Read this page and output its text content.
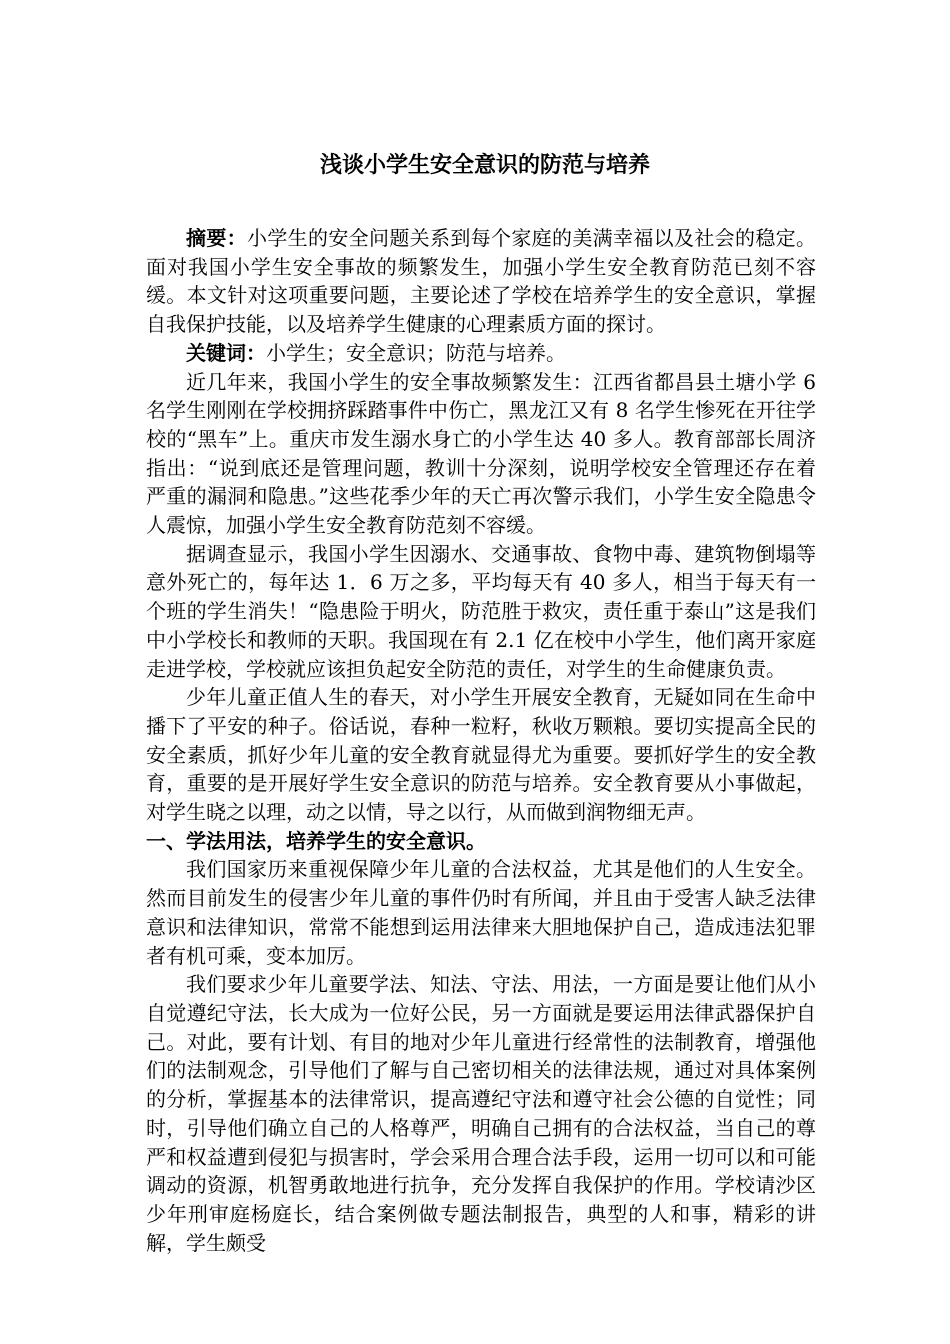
浅谈小学生安全意识的防范与培养

摘要：小学生的安全问题关系到每个家庭的美满幸福以及社会的稳定。面对我国小学生安全事故的频繁发生，加强小学生安全教育防范已刻不容缓。本文针对这项重要问题，主要论述了学校在培养学生的安全意识，掌握自我保护技能，以及培养学生健康的心理素质方面的探讨。

关键词：小学生；安全意识；防范与培养。

近几年来，我国小学生的安全事故频繁发生：江西省都昌县土塘小学 6 名学生刚刚在学校拥挤踩踏事件中伤亡，黑龙江又有 8 名学生惨死在开往学校的“黑车”上。重庆市发生溺水身亡的小学生达 40 多人。教育部部长周济指出：“说到底还是管理问题，教训十分深刻，说明学校安全管理还存在着严重的漏洞和隐患。”这些花季少年的天亡再次警示我们，小学生安全隐患令人震惊，加强小学生安全教育防范刻不容缓。

据调查显示，我国小学生因溺水、交通事故、食物中毒、建筑物倒塌等意外死亡的，每年达 1．6 万之多，平均每天有 40 多人，相当于每天有一个班的学生消失！“隐患险于明火，防范胜于救灾，责任重于泰山”这是我们中小学校长和教师的天职。我国现在有 2.1 亿在校中小学生，他们离开家庭走进学校，学校就应该担负起安全防范的责任，对学生的生命健康负责。

少年儿童正值人生的春天，对小学生开展安全教育，无疑如同在生命中播下了平安的种子。俗话说，春种一粒籽，秋收万颗粮。要切实提高全民的安全素质，抓好少年儿童的安全教育就显得尤为重要。要抓好学生的安全教育，重要的是开展好学生安全意识的防范与培养。安全教育要从小事做起，对学生晓之以理，动之以情，导之以行，从而做到润物细无声。

一、学法用法，培养学生的安全意识。

我们国家历来重视保障少年儿童的合法权益，尤其是他们的人生安全。然而目前发生的侵害少年儿童的事件仍时有所闻，并且由于受害人缺乏法律意识和法律知识，常常不能想到运用法律来大胆地保护自己，造成违法犯罪者有机可乘，变本加厉。

我们要求少年儿童要学法、知法、守法、用法，一方面是要让他们从小自觉遵纪守法，长大成为一位好公民，另一方面就是要运用法律武器保护自己。对此，要有计划、有目的地对少年儿童进行经常性的法制教育，增强他们的法制观念，引导他们了解与自己密切相关的法律法规，通过对具体案例的分析，掌握基本的法律常识，提高遵纪守法和遵守社会公德的自觉性；同时，引导他们确立自己的人格尊严，明确自己拥有的合法权益，当自己的尊严和权益遭到侵犯与损害时，学会采用合理合法手段，运用一切可以和可能调动的资源，机智勇敢地进行抗争，充分发挥自我保护的作用。学校请沙区少年刑审庭杨庭长，结合案例做专题法制报告，典型的人和事，精彩的讲解，学生颇受
